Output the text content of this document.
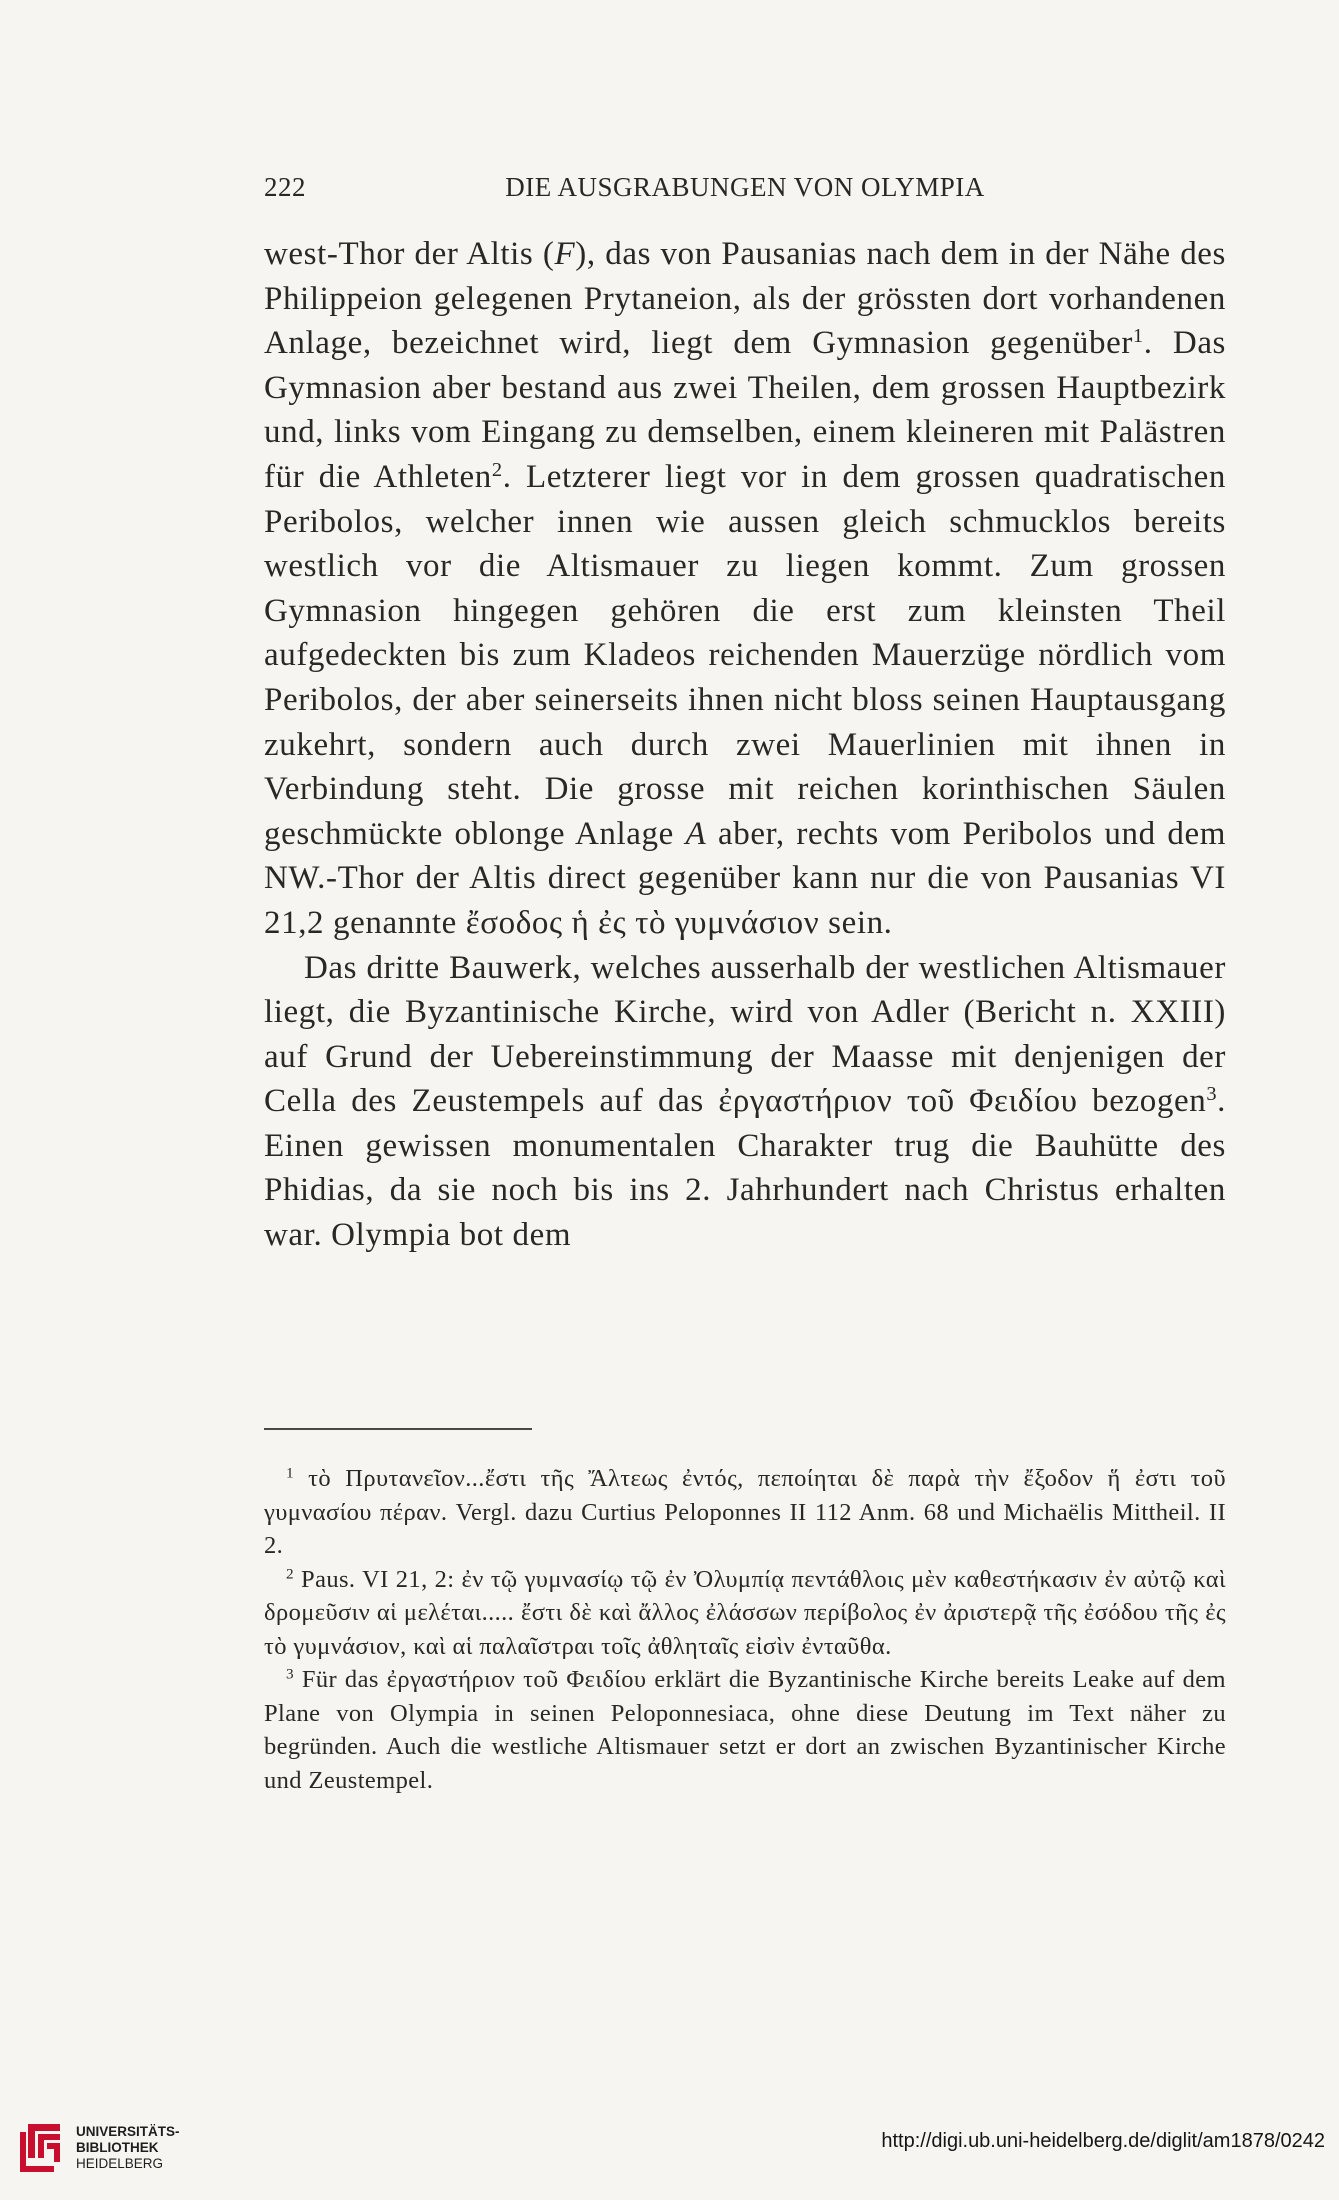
222	DIE AUSGRABUNGEN VON OLYMPIA

west-Thor der Altis (F), das von Pausanias nach dem in der Nähe des Philippeion gelegenen Prytaneion, als der grössten dort vorhandenen Anlage, bezeichnet wird, liegt dem Gymnasion gegenüber$^1$. Das Gymnasion aber bestand aus zwei Theilen, dem grossen Hauptbezirk und, links vom Eingang zu demselben, einem kleineren mit Palästren für die Athleten$^2$. Letzterer liegt vor in dem grossen quadratischen Peribolos, welcher innen wie aussen gleich schmucklos bereits westlich vor die Altismauer zu liegen kommt. Zum grossen Gymnasion hingegen gehören die erst zum kleinsten Theil aufgedeckten bis zum Kladeos reichenden Mauerzüge nördlich vom Peribolos, der aber seinerseits ihnen nicht bloss seinen Hauptausgang zukehrt, sondern auch durch zwei Mauerlinien mit ihnen in Verbindung steht. Die grosse mit reichen korinthischen Säulen geschmückte oblonge Anlage A aber, rechts vom Peribolos und dem NW.-Thor der Altis direct gegenüber kann nur die von Pausanias VI 21,2 genannte ἔσοδος ἡ ἐς τὸ γυμνάσιον sein.

Das dritte Bauwerk, welches ausserhalb der westlichen Altismauer liegt, die Byzantinische Kirche, wird von Adler (Bericht n. XXIII) auf Grund der Uebereinstimmung der Maasse mit denjenigen der Cella des Zeustempels auf das ἐργαστήριον τοῦ Φειδίου bezogen$^3$. Einen gewissen monumentalen Charakter trug die Bauhütte des Phidias, da sie noch bis ins 2. Jahrhundert nach Christus erhalten war. Olympia bot dem

$^1$ τὸ Πρυτανεῖον...ἔστι τῆς Ἄλτεως ἐντός, πεποίηται δὲ παρὰ τὴν ἔξοδον ἥ ἐστι τοῦ γυμνασίου πέραν. Vergl. dazu Curtius Peloponnes II 112 Anm. 68 und Michaëlis Mittheil. II 2.

$^2$ Paus. VI 21, 2: ἐν τῷ γυμνασίῳ τῷ ἐν Ὀλυμπίᾳ πεντάθλοις μὲν καθεστήκασιν ἐν αὐτῷ καὶ δρομεῦσιν αἱ μελέται..... ἔστι δὲ καὶ ἄλλος ἐλάσσων περίβολος ἐν ἀριστερᾷ τῆς ἐσόδου τῆς ἐς τὸ γυμνάσιον, καὶ αἱ παλαῖστραι τοῖς ἀθληταῖς εἰσὶν ἐνταῦθα.

$^3$ Für das ἐργαστήριον τοῦ Φειδίου erklärt die Byzantinische Kirche bereits Leake auf dem Plane von Olympia in seinen Peloponnesiaca, ohne diese Deutung im Text näher zu begründen. Auch die westliche Altismauer setzt er dort an zwischen Byzantinischer Kirche und Zeustempel.

UNIVERSITÄTS-
BIBLIOTHEK
HEIDELBERG
http://digi.ub.uni-heidelberg.de/diglit/am1878/0242
